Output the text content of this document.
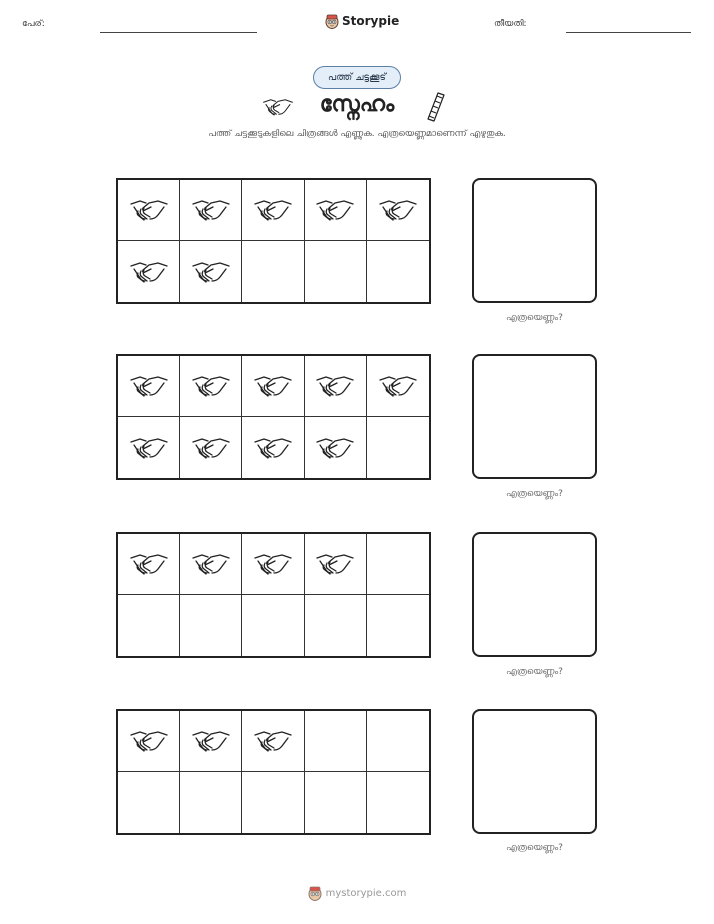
പേര്:	Storypie	തീയതി:
പത്ത് ചട്ടക്കൂട്
സ്നേഹം
പത്ത് ചട്ടക്കൂടുകളിലെ ചിത്രങ്ങൾ എണ്ണുക. എത്രയെണ്ണമാണെന്ന് എഴുതുക.
എത്രയെണ്ണം?
എത്രയെണ്ണം?
എത്രയെണ്ണം?
എത്രയെണ്ണം?
mystorypie.com
